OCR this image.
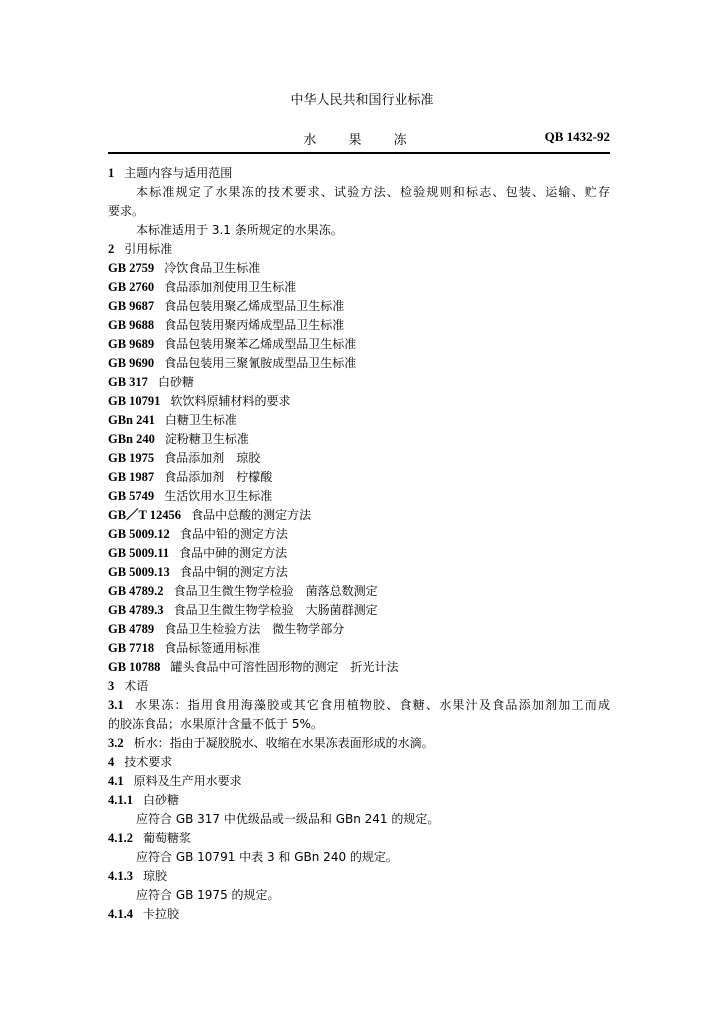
中华人民共和国行业标准
水 果 冻	QB 1432-92
1 主题内容与适用范围
本标准规定了水果冻的技术要求、试验方法、检验规则和标志、包装、运输、贮存
要求。
本标准适用于 3.1 条所规定的水果冻。
2 引用标准
GB 2759 冷饮食品卫生标准
GB 2760 食品添加剂使用卫生标准
GB 9687 食品包装用聚乙烯成型品卫生标准
GB 9688 食品包装用聚丙烯成型品卫生标准
GB 9689 食品包装用聚苯乙烯成型品卫生标准
GB 9690 食品包装用三聚氰胺成型品卫生标准
GB 317 白砂糖
GB 10791 软饮料原辅材料的要求
GBn 241 白糖卫生标准
GBn 240 淀粉糖卫生标准
GB 1975 食品添加剂　琼胶
GB 1987 食品添加剂　柠檬酸
GB 5749 生活饮用水卫生标准
GB／T 12456 食品中总酸的测定方法
GB 5009.12 食品中铅的测定方法
GB 5009.11 食品中砷的测定方法
GB 5009.13 食品中铜的测定方法
GB 4789.2 食品卫生微生物学检验　菌落总数测定
GB 4789.3 食品卫生微生物学检验　大肠菌群测定
GB 4789 食品卫生检验方法　微生物学部分
GB 7718 食品标签通用标准
GB 10788 罐头食品中可溶性固形物的测定　折光计法
3 术语
3.1 水果冻：指用食用海藻胶或其它食用植物胶、食糖、水果汁及食品添加剂加工而成
的胶冻食品；水果原汁含量不低于 5%。
3.2 析水：指由于凝胶脱水、收缩在水果冻表面形成的水滴。
4 技术要求
4.1 原料及生产用水要求
4.1.1 白砂糖
应符合 GB 317 中优级品或一级品和 GBn 241 的规定。
4.1.2 葡萄糖浆
应符合 GB 10791 中表 3 和 GBn 240 的规定。
4.1.3 琼胶
应符合 GB 1975 的规定。
4.1.4 卡拉胶
